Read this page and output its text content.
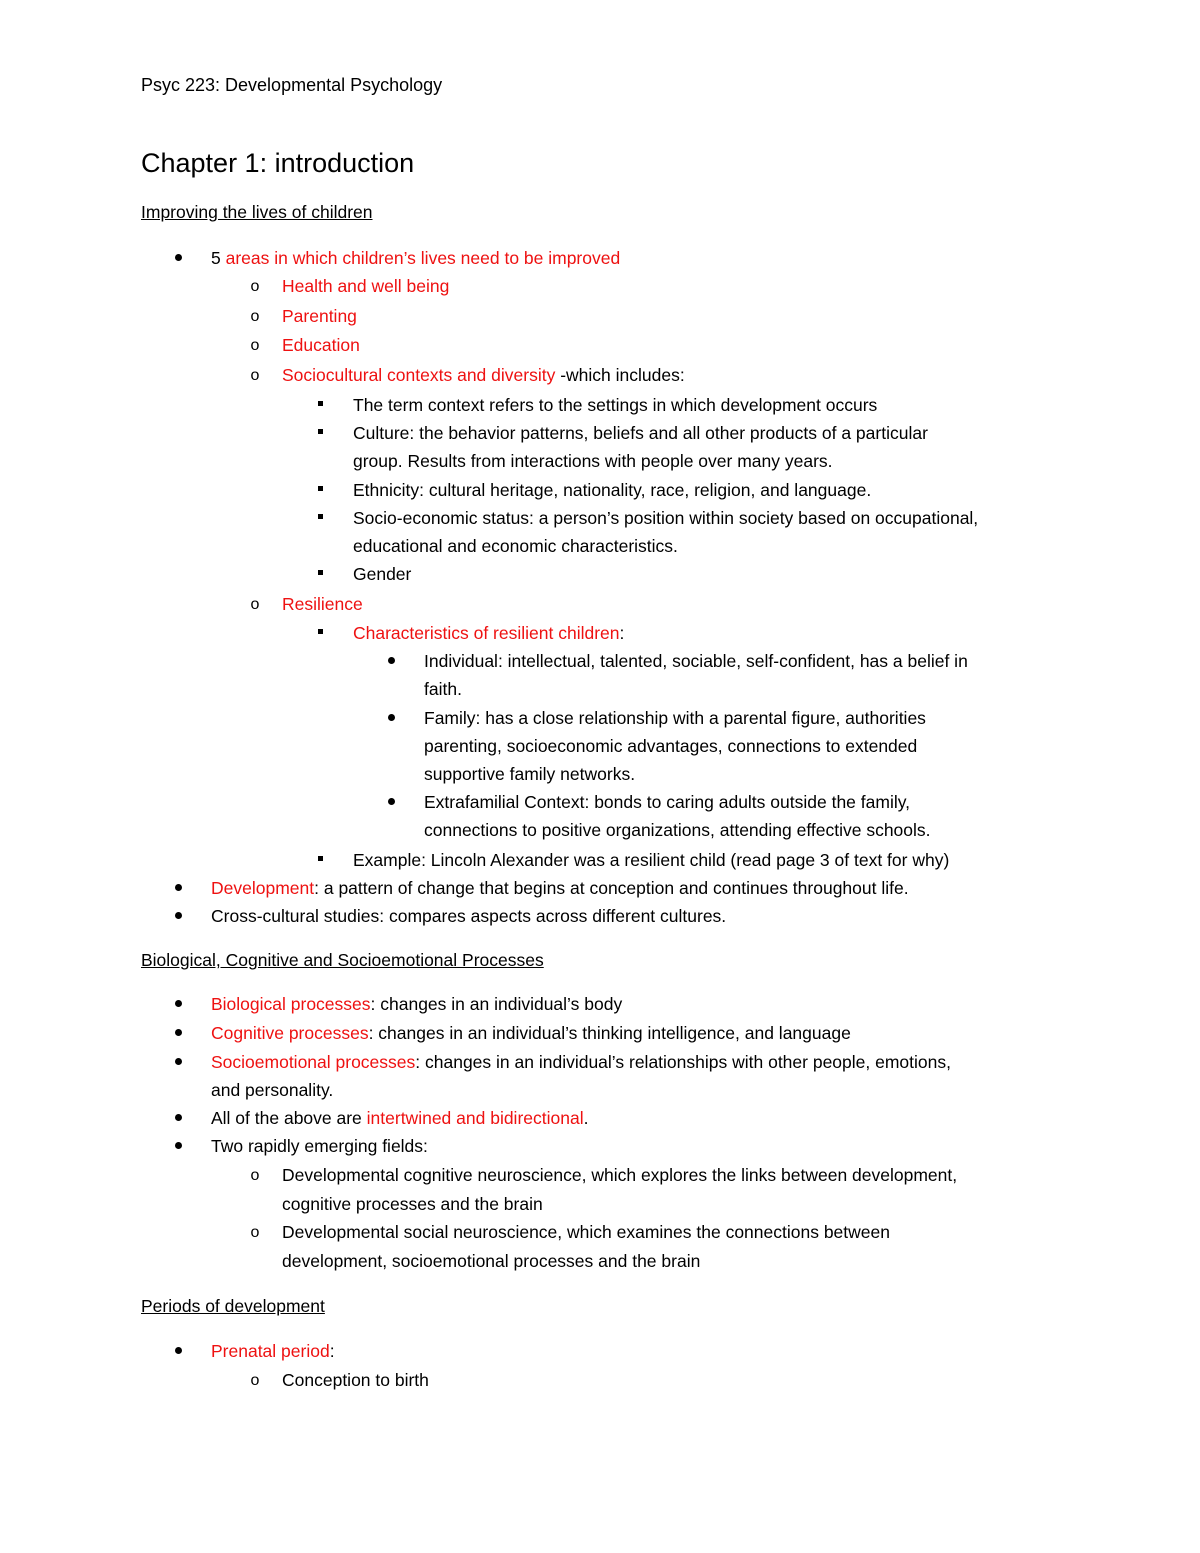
Psyc 223: Developmental Psychology
Chapter 1: introduction
Improving the lives of children
5 areas in which children’s lives need to be improved
o	Health and well being
o	Parenting
o	Education
o	Sociocultural contexts and diversity -which includes:
The term context refers to the settings in which development occurs
Culture: the behavior patterns, beliefs and all other products of a particular
group. Results from interactions with people over many years.
Ethnicity: cultural heritage, nationality, race, religion, and language.
Socio-economic status: a person’s position within society based on occupational,
educational and economic characteristics.
Gender
o	Resilience
Characteristics of resilient children:
Individual: intellectual, talented, sociable, self-confident, has a belief in
faith.
Family: has a close relationship with a parental figure, authorities
parenting, socioeconomic advantages, connections to extended
supportive family networks.
Extrafamilial Context: bonds to caring adults outside the family,
connections to positive organizations, attending effective schools.
Example: Lincoln Alexander was a resilient child (read page 3 of text for why)
Development: a pattern of change that begins at conception and continues throughout life.
Cross-cultural studies: compares aspects across different cultures.
Biological, Cognitive and Socioemotional Processes
Biological processes: changes in an individual’s body
Cognitive processes: changes in an individual’s thinking intelligence, and language
Socioemotional processes: changes in an individual’s relationships with other people, emotions,
and personality.
All of the above are intertwined and bidirectional.
Two rapidly emerging fields:
o	Developmental cognitive neuroscience, which explores the links between development,
cognitive processes and the brain
o	Developmental social neuroscience, which examines the connections between
development, socioemotional processes and the brain
Periods of development
Prenatal period:
o	Conception to birth
